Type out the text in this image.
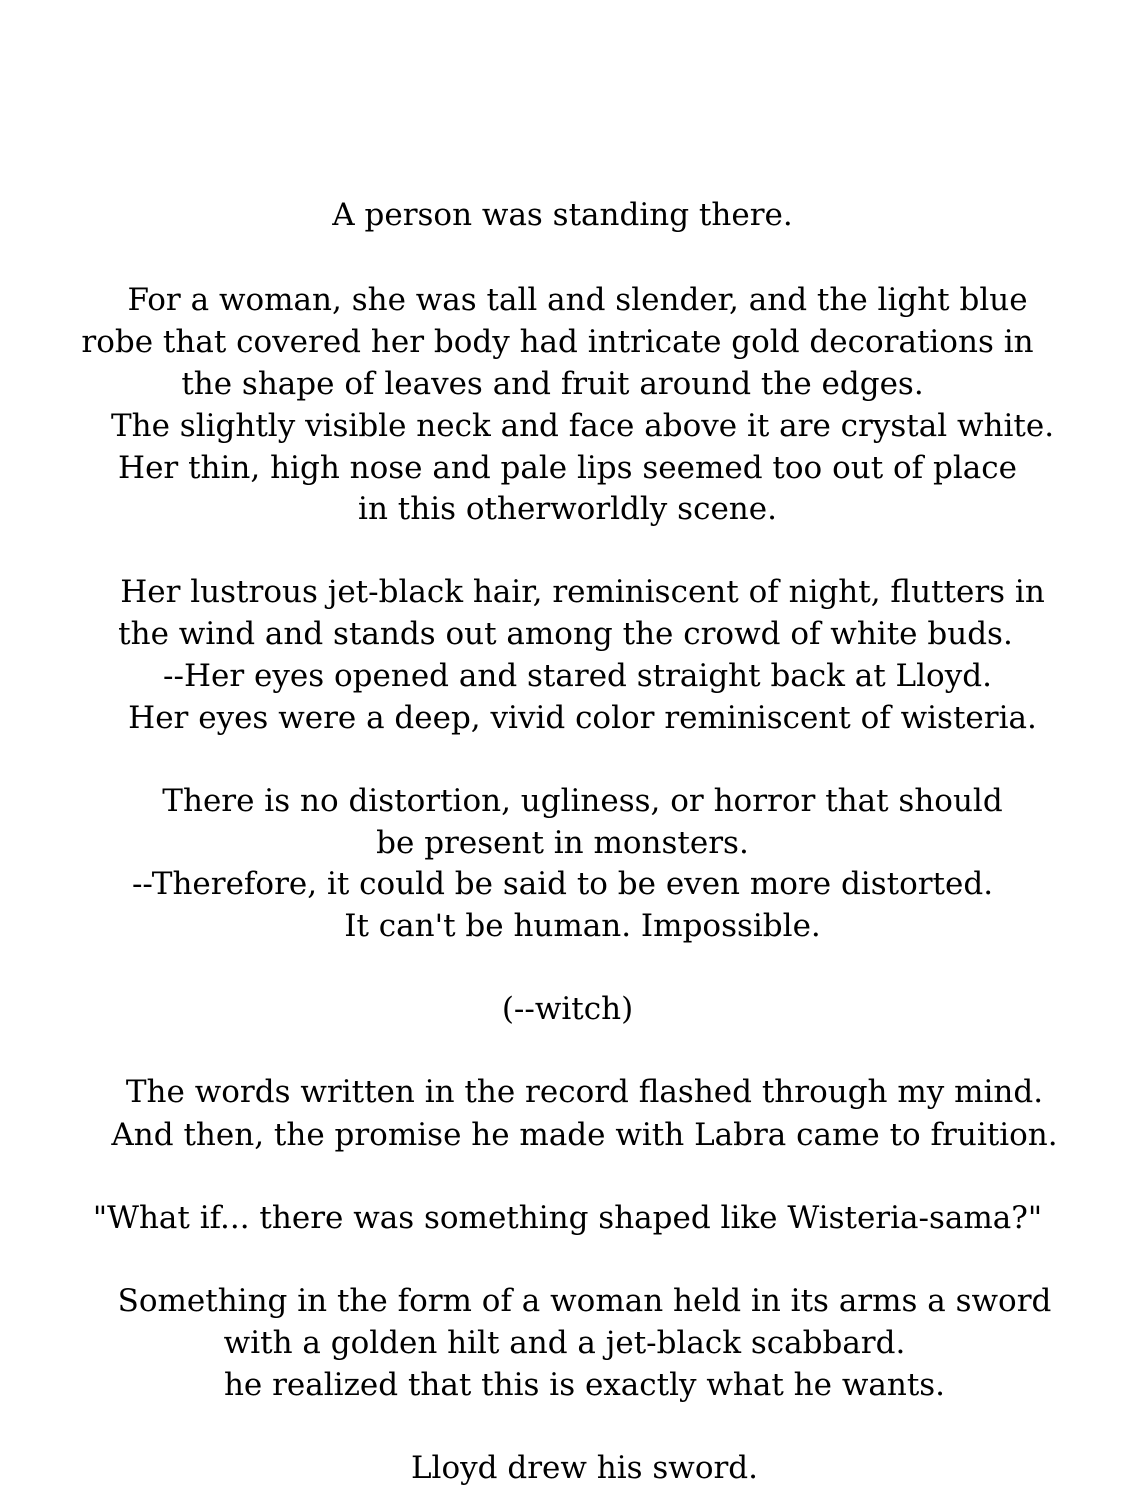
A person was standing there.
For a woman, she was tall and slender, and the light blue
robe that covered her body had intricate gold decorations in
the shape of leaves and fruit around the edges.
The slightly visible neck and face above it are crystal white.
Her thin, high nose and pale lips seemed too out of place
in this otherworldly scene.
Her lustrous jet-black hair, reminiscent of night, flutters in
the wind and stands out among the crowd of white buds.
--Her eyes opened and stared straight back at Lloyd.
Her eyes were a deep, vivid color reminiscent of wisteria.
There is no distortion, ugliness, or horror that should
be present in monsters.
--Therefore, it could be said to be even more distorted.
It can't be human. Impossible.
(--witch)
The words written in the record flashed through my mind.
And then, the promise he made with Labra came to fruition.
"What if... there was something shaped like Wisteria-sama?"
Something in the form of a woman held in its arms a sword
with a golden hilt and a jet-black scabbard.
he realized that this is exactly what he wants.
Lloyd drew his sword.
